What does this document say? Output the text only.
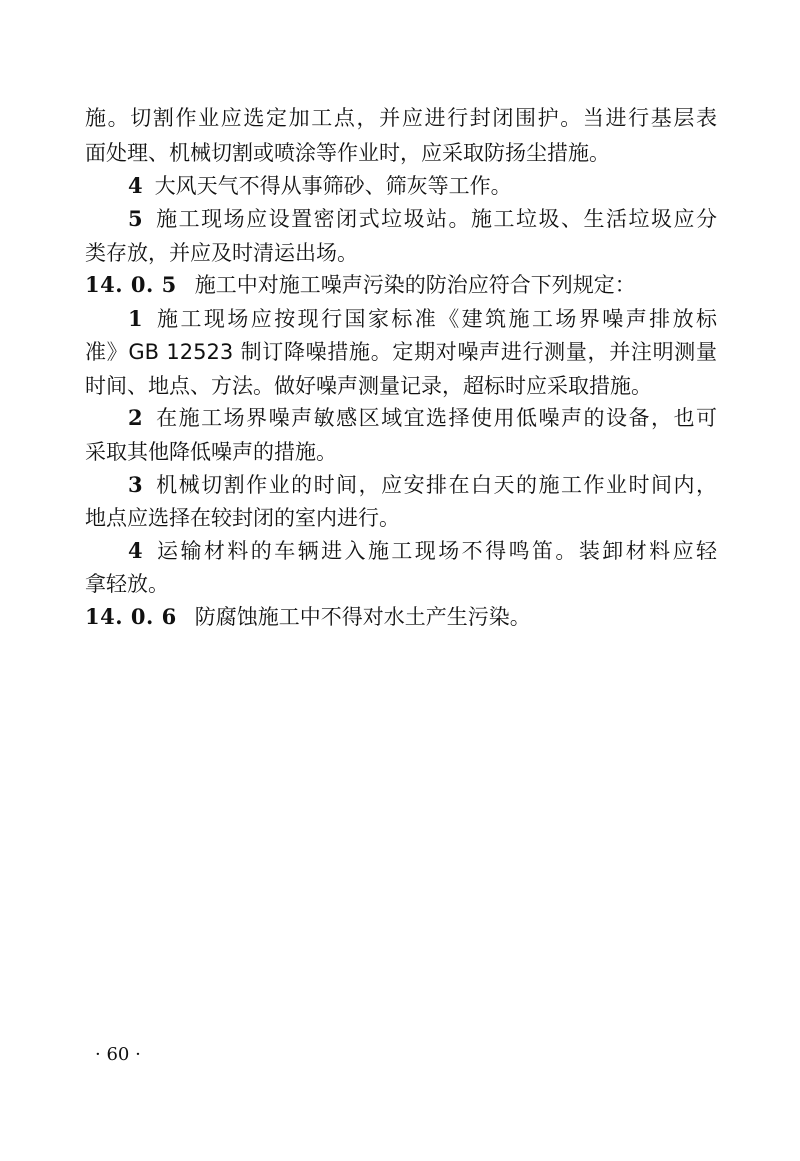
施。切割作业应选定加工点，并应进行封闭围护。当进行基层表
面处理、机械切割或喷涂等作业时，应采取防扬尘措施。
4 大风天气不得从事筛砂、筛灰等工作。
5 施工现场应设置密闭式垃圾站。施工垃圾、生活垃圾应分
类存放，并应及时清运出场。
14. 0. 5 施工中对施工噪声污染的防治应符合下列规定：
1 施工现场应按现行国家标准《建筑施工场界噪声排放标
准》GB 12523 制订降噪措施。定期对噪声进行测量，并注明测量
时间、地点、方法。做好噪声测量记录，超标时应采取措施。
2 在施工场界噪声敏感区域宜选择使用低噪声的设备，也可
采取其他降低噪声的措施。
3 机械切割作业的时间，应安排在白天的施工作业时间内，
地点应选择在较封闭的室内进行。
4 运输材料的车辆进入施工现场不得鸣笛。装卸材料应轻
拿轻放。
14. 0. 6 防腐蚀施工中不得对水土产生污染。
· 60 ·
